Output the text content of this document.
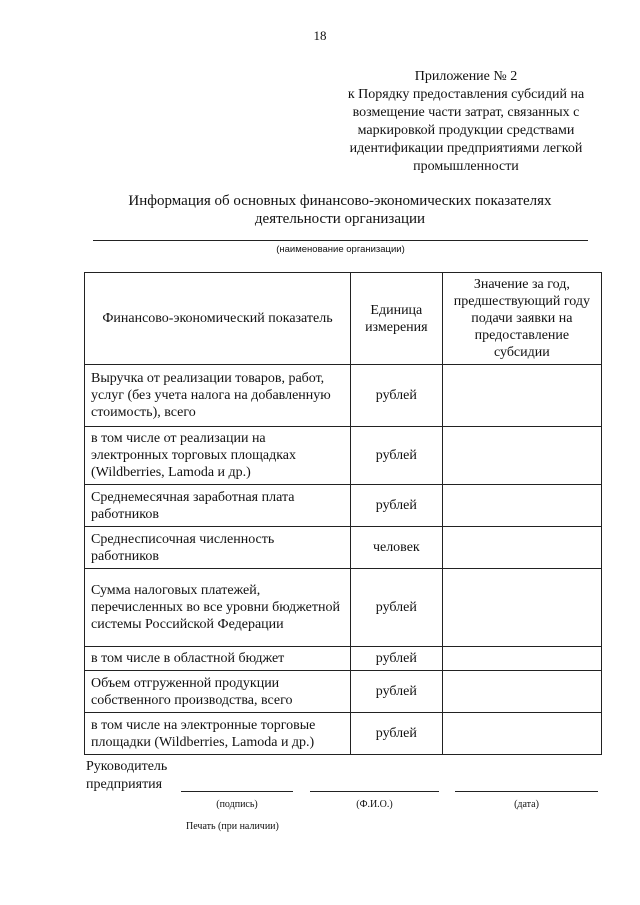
18
Приложение № 2
к Порядку предоставления субсидий на
возмещение части затрат, связанных с
маркировкой продукции средствами
идентификации предприятиями легкой
промышленности
Информация об основных финансово-экономических показателях
деятельности организации
(наименование организации)
Финансово-экономический показатель	Единица измерения	Значение за год, предшествующий году подачи заявки на предоставление субсидии
Выручка от реализации товаров, работ, услуг (без учета налога на добавленную стоимость), всего	рублей	
в том числе от реализации на электронных торговых площадках (Wildberries, Lamoda и др.)	рублей	
Среднемесячная заработная плата работников	рублей	
Среднесписочная численность работников	человек	
Сумма налоговых платежей, перечисленных во все уровни бюджетной системы Российской Федерации	рублей	
в том числе в областной бюджет	рублей	
Объем отгруженной продукции собственного производства, всего	рублей	
в том числе на электронные торговые площадки (Wildberries, Lamoda и др.)	рублей	
Руководитель
предприятия
(подпись)	(Ф.И.О.)	(дата)
Печать (при наличии)
